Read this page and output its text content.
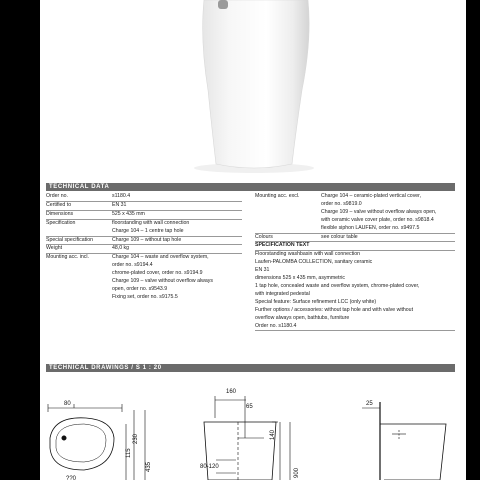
TECHNICAL DATA
Order no.	s1180.4
Certified to	EN 31
Dimensions	525 x 435 mm
Specification	floorstanding with wall connection
Charge 104 – 1 centre tap hole
Special specification	Charge 109 – without tap hole
Weight	48,0 kg
Mounting acc. incl.	Charge 104 – waste and overflow system,
order no. s9194.4
chrome-plated cover, order no. s9194.9
Charge 109 – valve without overflow always
open, order no. s9543.9
Fixing set, order no. s9175.5
Mounting acc. excl.	Charge 104 – ceramic-plated vertical cover,
order no. s9819.0
Charge 109 – valve without overflow always open,
with ceramic valve cover plate, order no. s9818.4
flexible siphon LAUFEN, order no. s9497.5
Colours	see colour table
SPECIFICATION TEXT
Floorstanding washbasin with wall connection
Laufen-PALOMBA COLLECTION, sanitary ceramic
EN 31
dimensions 525 x 435 mm, asymmetric
1 tap hole, concealed waste and overflow system, chrome-plated cover,
with integrated pedestal
Special feature: Surface refinement LCC (only white)
Further options / accessories: without tap hole and with valve without
overflow always open, bathtubs, furniture
Order no. s1180.4
TECHNICAL DRAWINGS / S 1 : 20
80
115
230
435
??0
160
65
140
80-120
900
25
